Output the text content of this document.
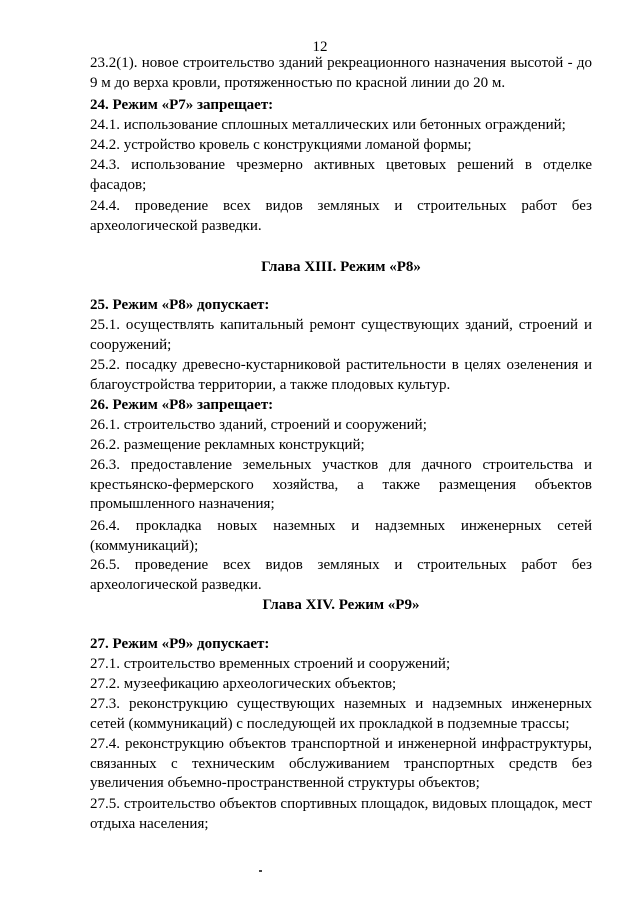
12
23.2(1). новое строительство зданий рекреационного назначения высотой - до 9 м до верха кровли, протяженностью по красной линии до 20 м.
24. Режим «Р7» запрещает:
24.1. использование сплошных металлических или бетонных ограждений;
24.2. устройство кровель с конструкциями ломаной формы;
24.3. использование чрезмерно активных цветовых решений в отделке
фасадов;
24.4. проведение всех видов земляных и строительных работ без
археологической разведки.
Глава XIII. Режим «Р8»
25. Режим «Р8» допускает:
25.1. осуществлять капитальный ремонт существующих зданий, строений и сооружений;
25.2. посадку древесно-кустарниковой растительности в целях озеленения и благоустройства территории, а также плодовых культур.
26. Режим «Р8» запрещает:
26.1. строительство зданий, строений и сооружений;
26.2. размещение рекламных конструкций;
26.3. предоставление земельных участков для дачного строительства и
крестьянско-фермерского хозяйства, а также размещения объектов
промышленного назначения;
26.4. прокладка новых наземных и надземных инженерных сетей
(коммуникаций);
26.5. проведение всех видов земляных и строительных работ без
археологической разведки.
Глава XIV. Режим «Р9»
27. Режим «Р9» допускает:
27.1. строительство временных строений и сооружений;
27.2. музеефикацию археологических объектов;
27.3. реконструкцию существующих наземных и надземных инженерных сетей (коммуникаций) с последующей их прокладкой в подземные трассы;
27.4. реконструкцию объектов транспортной и инженерной инфраструктуры,
связанных с техническим обслуживанием транспортных средств без
увеличения объемно-пространственной структуры объектов;
27.5. строительство объектов спортивных площадок, видовых площадок, мест отдыха населения;
